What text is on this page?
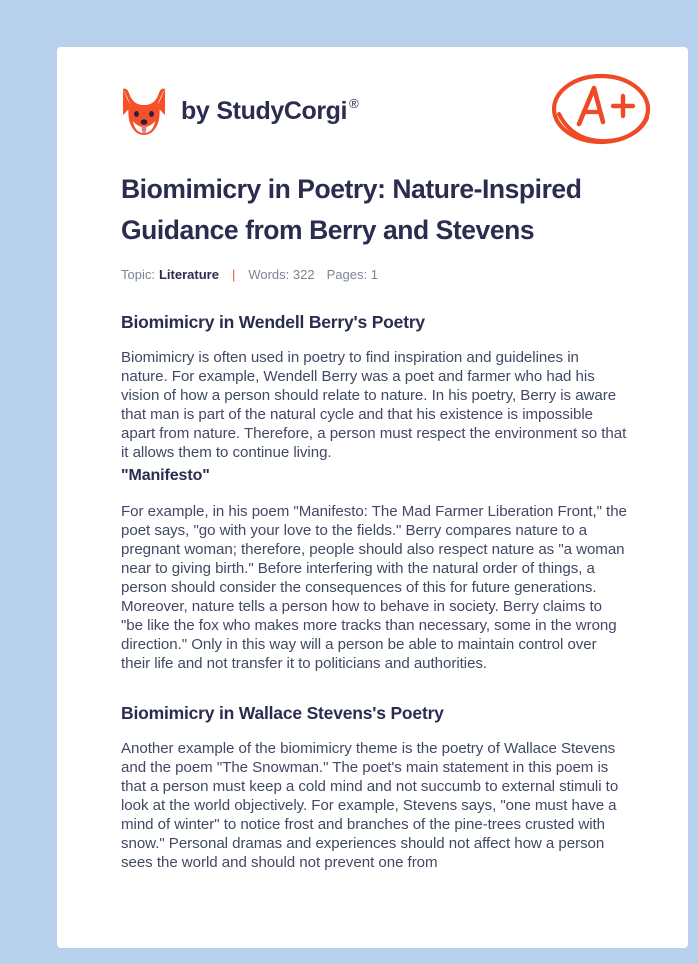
by StudyCorgi ®
Biomimicry in Poetry: Nature-Inspired Guidance from Berry and Stevens
Topic: Literature | Words: 322 Pages: 1
Biomimicry in Wendell Berry's Poetry

Biomimicry is often used in poetry to find inspiration and guidelines in nature. For example, Wendell Berry was a poet and farmer who had his vision of how a person should relate to nature. In his poetry, Berry is aware that man is part of the natural cycle and that his existence is impossible apart from nature. Therefore, a person must respect the environment so that it allows them to continue living.

"Manifesto"

For example, in his poem "Manifesto: The Mad Farmer Liberation Front," the poet says, "go with your love to the fields." Berry compares nature to a pregnant woman; therefore, people should also respect nature as "a woman near to giving birth." Before interfering with the natural order of things, a person should consider the consequences of this for future generations. Moreover, nature tells a person how to behave in society. Berry claims to "be like the fox who makes more tracks than necessary, some in the wrong direction." Only in this way will a person be able to maintain control over their life and not transfer it to politicians and authorities.

Biomimicry in Wallace Stevens's Poetry

Another example of the biomimicry theme is the poetry of Wallace Stevens and the poem "The Snowman." The poet's main statement in this poem is that a person must keep a cold mind and not succumb to external stimuli to look at the world objectively. For example, Stevens says, "one must have a mind of winter" to notice frost and branches of the pine-trees crusted with snow." Personal dramas and experiences should not affect how a person sees the world and should not prevent one from
